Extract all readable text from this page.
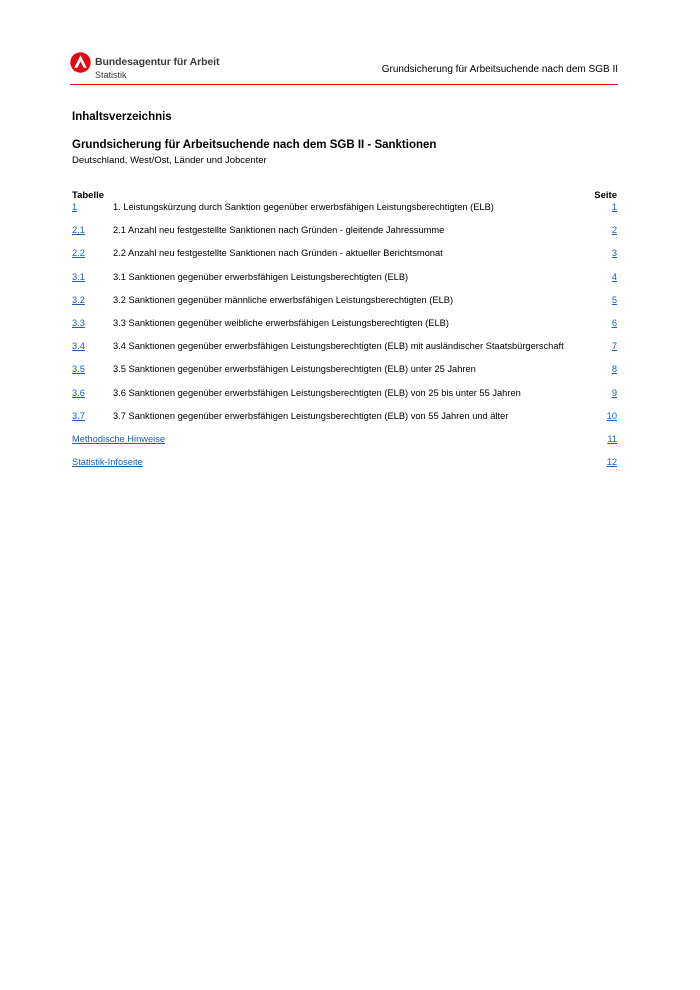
Bundesagentur für Arbeit
Statistik	Grundsicherung für Arbeitsuchende nach dem SGB II
Inhaltsverzeichnis
Grundsicherung für Arbeitsuchende nach dem SGB II - Sanktionen
Deutschland, West/Ost, Länder und Jobcenter
Tabelle	Seite
1	1. Leistungskürzung durch Sanktion gegenüber erwerbsfähigen Leistungsberechtigten (ELB)	1
2.1	2.1 Anzahl neu festgestellte Sanktionen nach Gründen - gleitende Jahressumme	2
2.2	2.2 Anzahl neu festgestellte Sanktionen nach Gründen - aktueller Berichtsmonat	3
3.1	3.1 Sanktionen gegenüber erwerbsfähigen Leistungsberechtigten (ELB)	4
3.2	3.2 Sanktionen gegenüber männliche erwerbsfähigen Leistungsberechtigten (ELB)	5
3.3	3.3 Sanktionen gegenüber weibliche erwerbsfähigen Leistungsberechtigten (ELB)	6
3.4	3.4 Sanktionen gegenüber erwerbsfähigen Leistungsberechtigten (ELB) mit ausländischer Staatsbürgerschaft	7
3.5	3.5 Sanktionen gegenüber erwerbsfähigen Leistungsberechtigten (ELB) unter 25 Jahren	8
3.6	3.6 Sanktionen gegenüber erwerbsfähigen Leistungsberechtigten (ELB) von 25 bis unter 55 Jahren	9
3.7	3.7 Sanktionen gegenüber erwerbsfähigen Leistungsberechtigten (ELB) von 55 Jahren und älter	10
Methodische Hinweise	11
Statistik-Infoseite	12
